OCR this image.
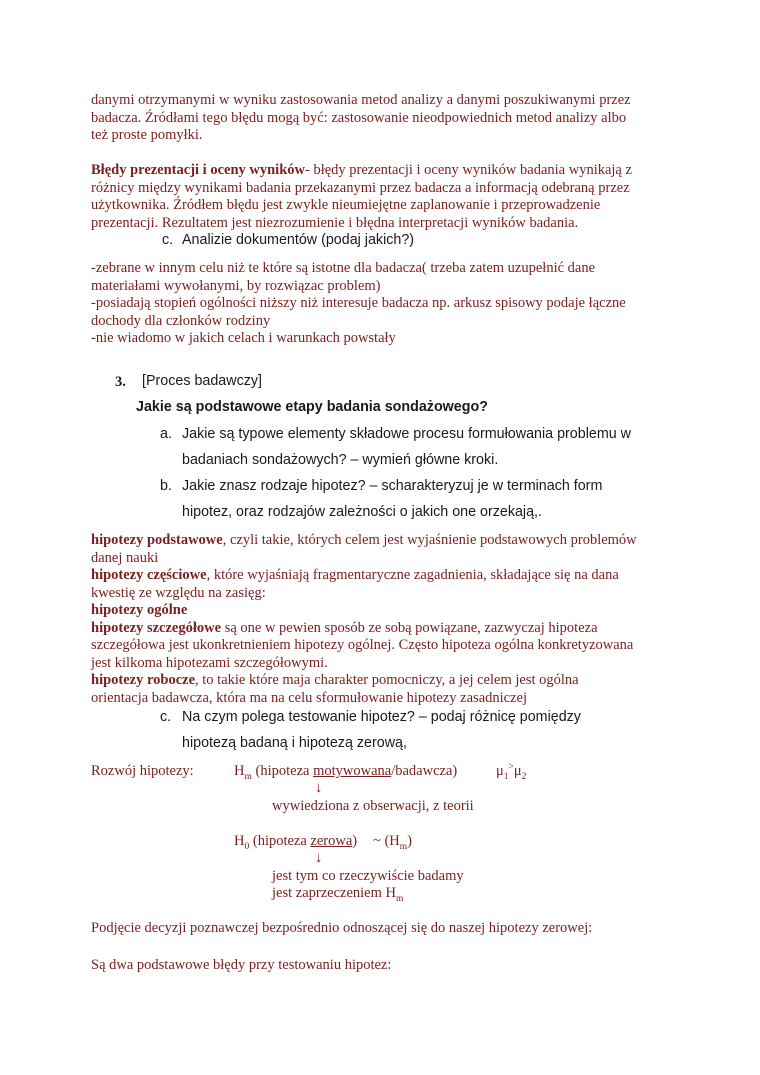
danymi otrzymanymi w wyniku zastosowania metod analizy a danymi poszukiwanymi przez
badacza. Źródłami tego błędu mogą być: zastosowanie nieodpowiednich metod analizy albo
też proste pomyłki.
Błędy prezentacji i oceny wyników- błędy prezentacji i oceny wyników badania wynikają z
różnicy między wynikami badania przekazanymi przez badacza a informacją odebraną przez
użytkownika. Źródłem błędu jest zwykle nieumiejętne zaplanowanie i przeprowadzenie
prezentacji. Rezultatem jest niezrozumienie i błędna interpretacji wyników badania.
c. Analizie dokumentów (podaj jakich?)
-zebrane w innym celu niż te które są istotne dla badacza( trzeba zatem uzupełnić dane
materiałami wywołanymi, by rozwiązac problem)
-posiadają stopień ogólności niższy niż interesuje badacza np. arkusz spisowy podaje łączne
dochody dla członków rodziny
-nie wiadomo w jakich celach i warunkach powstały
3. [Proces badawczy]
Jakie są podstawowe etapy badania sondażowego?
a. Jakie są typowe elementy składowe procesu formułowania problemu w
badaniach sondażowych? – wymień główne kroki.
b. Jakie znasz rodzaje hipotez? – scharakteryzuj je w terminach form
hipotez, oraz rodzajów zależności o jakich one orzekają,.
hipotezy podstawowe, czyli takie, których celem jest wyjaśnienie podstawowych problemów
danej nauki
hipotezy częściowe, które wyjaśniają fragmentaryczne zagadnienia, składające się na dana
kwestię ze względu na zasięg:
hipotezy ogólne
hipotezy szczegółowe są one w pewien sposób ze sobą powiązane, zazwyczaj hipoteza
szczegółowa jest ukonkretnieniem hipotezy ogólnej. Często hipoteza ogólna konkretyzowana
jest kilkoma hipotezami szczegółowymi.
hipotezy robocze, to takie które maja charakter pomocniczy, a jej celem jest ogólna
orientacja badawcza, która ma na celu sformułowanie hipotezy zasadniczej
c. Na czym polega testowanie hipotez? – podaj różnicę pomiędzy
hipotezą badaną i hipotezą zerową,
Rozwój hipotezy:	$H_m$ (hipoteza motywowana/badawcza)	$\mu_1^>\mu_2$
↓
wywiedziona z obserwacji, z teorii
$H_0$ (hipoteza zerowa) ~ $(H_m)$
↓
jest tym co rzeczywiście badamy
jest zaprzeczeniem $H_m$
Podjęcie decyzji poznawczej bezpośrednio odnoszącej się do naszej hipotezy zerowej:
Są dwa podstawowe błędy przy testowaniu hipotez:
